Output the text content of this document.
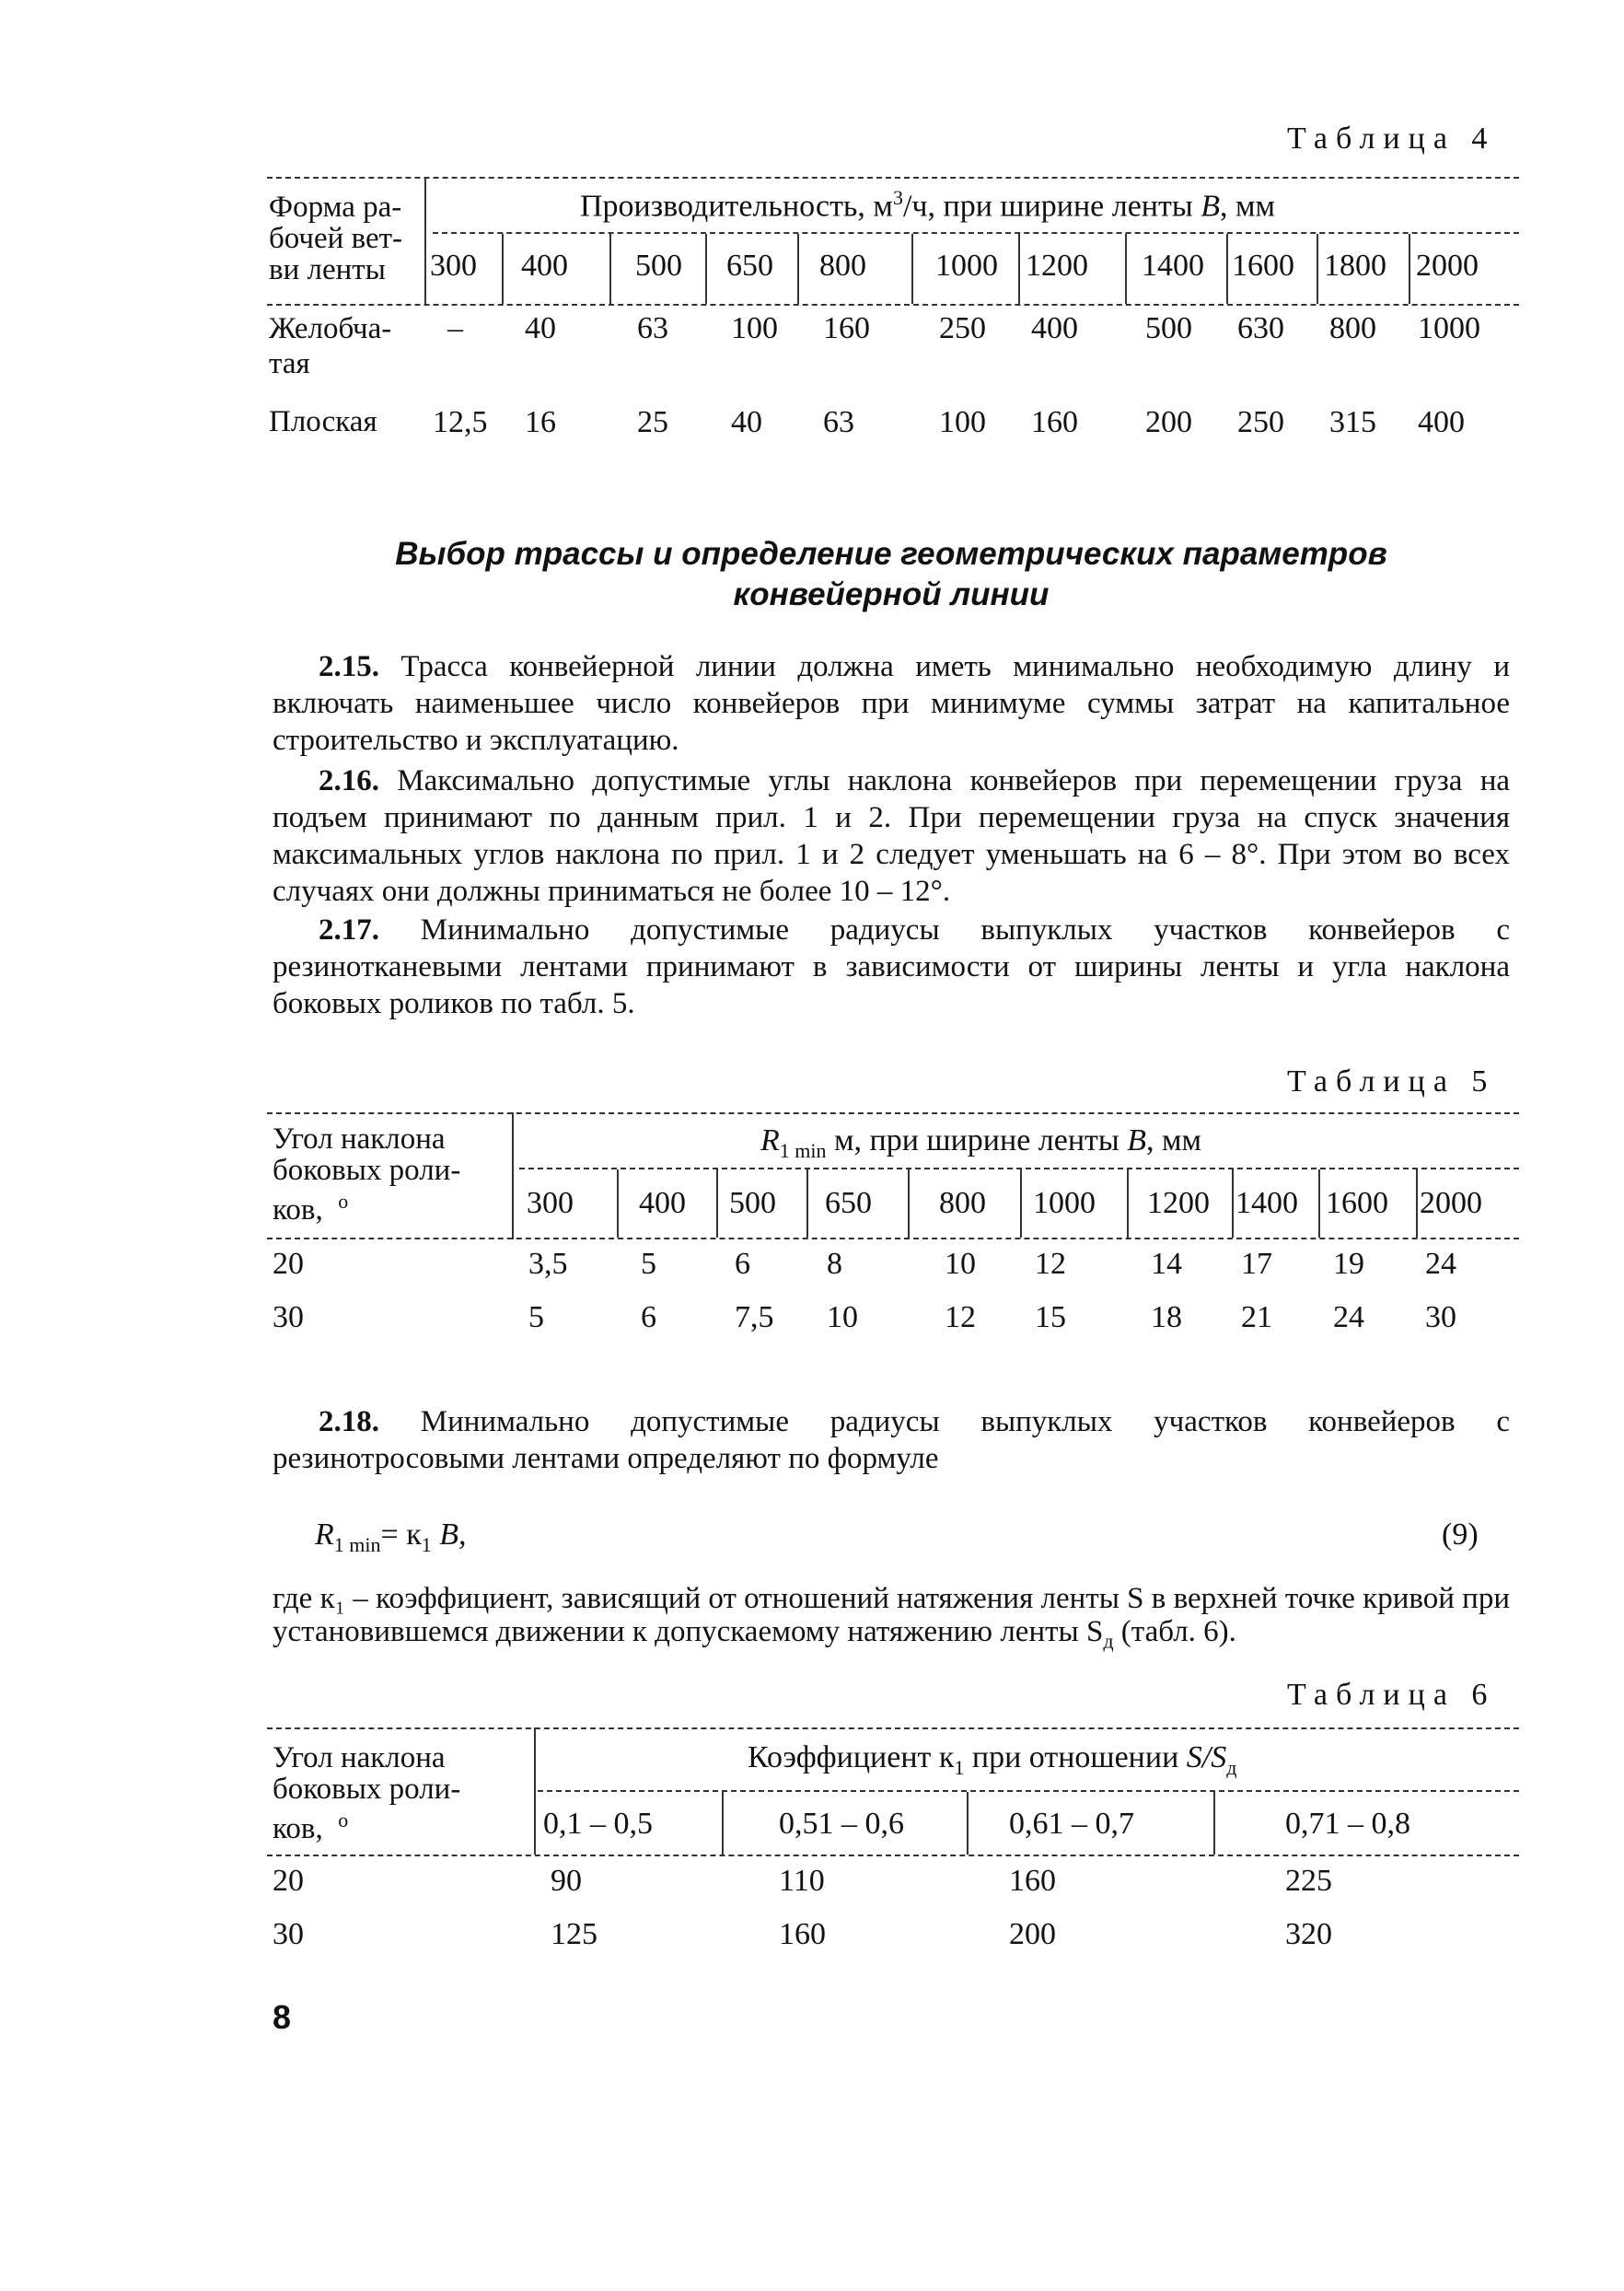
Таблица 4
Форма ра-
бочей вет-
ви ленты
Производительность, $м^3/ч$, при ширине ленты B, мм
300 400 500 650 800 1000 1200 1400 1600 1800 2000
Желобча-
тая
– 40	63 100 160 250 400 500 630 800 1000
Плоская 12,5 16	25 40 63	100 160 200 250 315 400
Выбор трассы и определение геометрических параметров
конвейерной линии
2.15. Трасса конвейерной линии должна иметь минимально необходимую длину и включать наименьшее число конвейеров при минимуме суммы затрат на капитальное строительство и эксплуатацию.
2.16. Максимально допустимые углы наклона конвейеров при перемещении груза на подъем принимают по данным прил. 1 и 2. При перемещении груза на спуск значения максимальных углов наклона по прил. 1 и 2 следует уменьшать на 6 – 8°. При этом во всех случаях они должны приниматься не более 10 – 12°.
2.17. Минимально допустимые радиусы выпуклых участков конвейеров с резинотканевыми лентами принимают в зависимости от ширины ленты и угла наклона боковых роликов по табл. 5.
Таблица 5
Угол наклона
боковых роли-
ков, $^о$
$R_{1 min}$ м, при ширине ленты B, мм
300 400 500 650 800 1000 1200 1400 1600 2000
20	3,5 5	6 8	10 12	14 17 19 24
30	5	6	7,5 10	12 15	18 21 24 30
2.18. Минимально допустимые радиусы выпуклых участков конвейеров с резинотросовыми лентами определяют по формуле
$R_{1 min}= к_1$ B,	(9)
где к₁ – коэффициент, зависящий от отношений натяжения ленты S в верхней точке кривой при установившемся движении к допускаемому натяжению ленты $S_д$ (табл. 6).
Таблица 6
Угол наклона
боковых роли-
ков, $^о$
Коэффициент $к_1$ при отношении $S/S_д$
0,1 – 0,5	0,51 – 0,6	0,61 – 0,7	0,71 – 0,8
20	90	110	160	225
30	125	160	200	320
8
